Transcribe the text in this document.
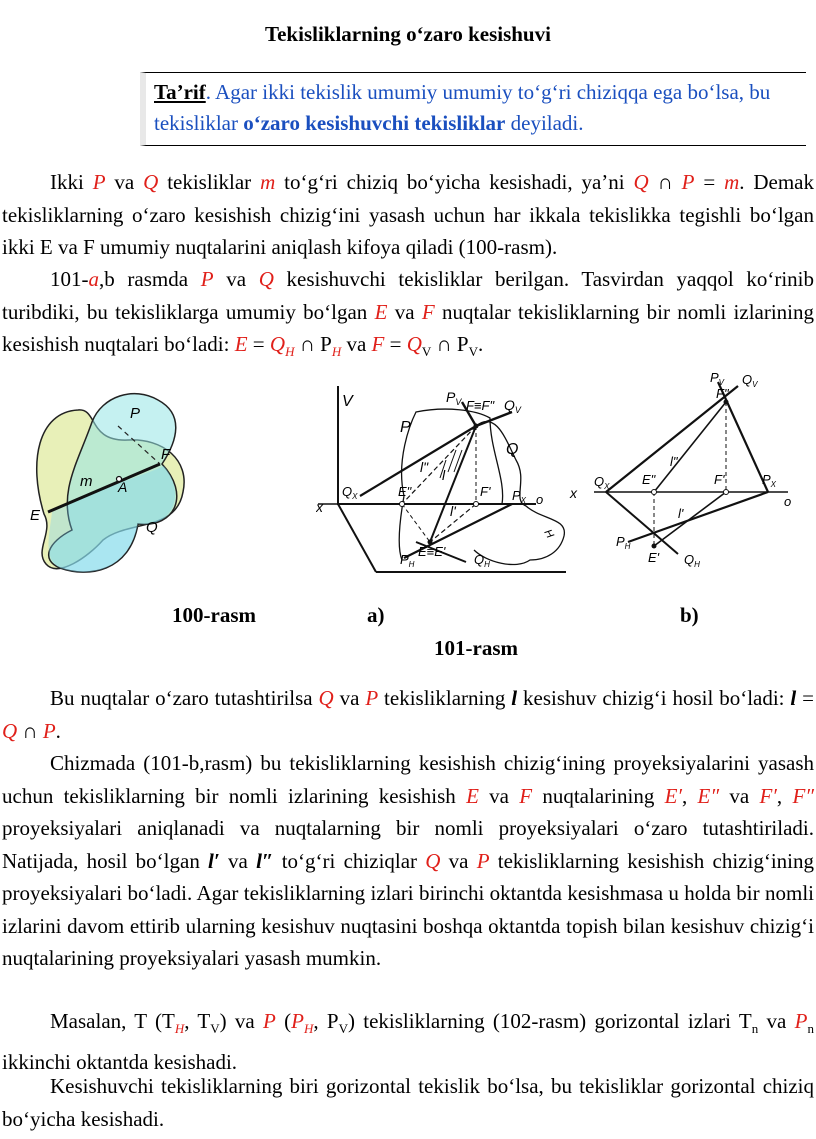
Tekisliklarning o‘zaro kesishuvi
Ta’rif. Agar ikki tekislik umumiy umumiy to‘g‘ri chiziqqa ega bo‘lsa, bu tekisliklar o‘zaro kesishuvchi tekisliklar deyiladi.
Ikki P va Q tekisliklar m to‘g‘ri chiziq bo‘yicha kesishadi, ya’ni Q ∩ P = m. Demak tekisliklarning o‘zaro kesishish chizig‘ini yasash uchun har ikkala tekislikka tegishli bo‘lgan ikki E va F umumiy nuqtalarini aniqlash kifoya qiladi (100-rasm).
101-a,b rasmda P va Q kesishuvchi tekisliklar berilgan. Tasvirdan yaqqol ko‘rinib turibdiki, bu tekisliklarga umumiy bo‘lgan E va F nuqtalar tekisliklarning bir nomli izlarining kesishish nuqtalari bo‘ladi: $E = Q_H$ ∩ $P_H$ va $F = Q_V$ ∩ $P_V$.
P
Q
m A
E
F
V
x
$P_V$ F≡F" $Q_V$
P
Q
l" l
l'
$Q_X$	E"	F' $P_X$ o
$P_H$
E≡E'
$Q_H$
H
$P_V$ $Q_V$
F"
l"
x
$Q_X$	E"	F'	$P_X$
o
l'
$P_H$
E' $Q_H$
100-rasm	a)	b)
101-rasm
Bu nuqtalar o‘zaro tutashtirilsa Q va P tekisliklarning l kesishuv chizig‘i hosil bo‘ladi: l = Q ∩ P.
Chizmada (101-b,rasm) bu tekisliklarning kesishish chizig‘ining proyeksiyalarini yasash uchun tekisliklarning bir nomli izlarining kesishish E va F nuqtalarining E′, E″ va F′, F″ proyeksiyalari aniqlanadi va nuqtalarning bir nomli proyeksiyalari o‘zaro tutashtiriladi. Natijada, hosil bo‘lgan l′ va l″ to‘g‘ri chiziqlar Q va P tekisliklarning kesishish chizig‘ining proyeksiyalari bo‘ladi. Agar tekisliklarning izlari birinchi oktantda kesishmasa u holda bir nomli izlarini davom ettirib ularning kesishuv nuqtasini boshqa oktantda topish bilan kesishuv chizig‘i nuqtalarining proyeksiyalari yasash mumkin.
Masalan, T ($T_H$, $T_V$) va P ($P_H$, $P_V$) tekisliklarning (102-rasm) gorizontal izlari $T_n$ va $P_n$ ikkinchi oktantda kesishadi.
Kesishuvchi tekisliklarning biri gorizontal tekislik bo‘lsa, bu tekisliklar gorizontal chiziq bo‘yicha kesishadi.
